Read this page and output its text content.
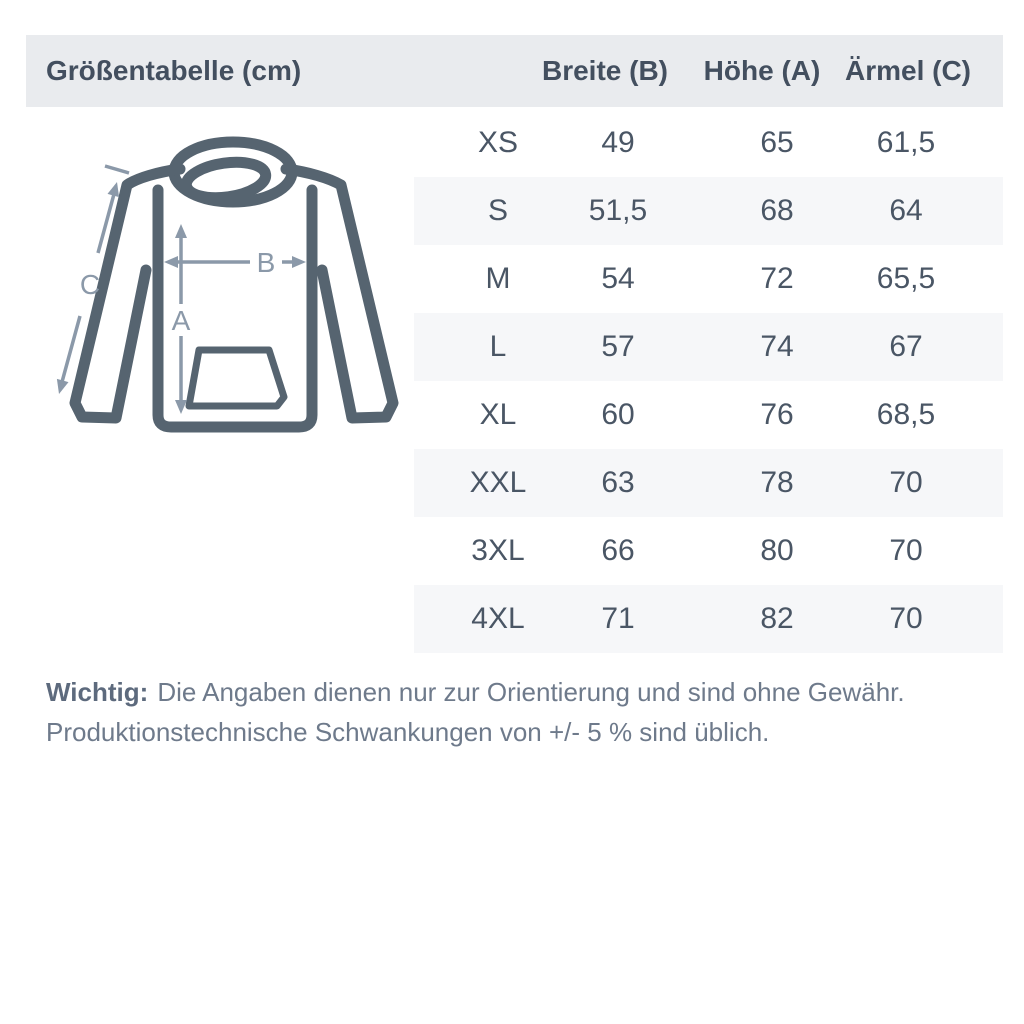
Größentabelle (cm)	Breite (B) Höhe (A) Ärmel (C)
A
B
C
XS	49	65	61,5
S	51,5	68	64
M	54	72	65,5
L	57	74	67
XL	60	76	68,5
XXL 63	78	70
3XL	66	80	70
4XL	71	82	70
Wichtig: Die Angaben dienen nur zur Orientierung und sind ohne Gewähr.
Produktionstechnische Schwankungen von +/- 5 % sind üblich.
